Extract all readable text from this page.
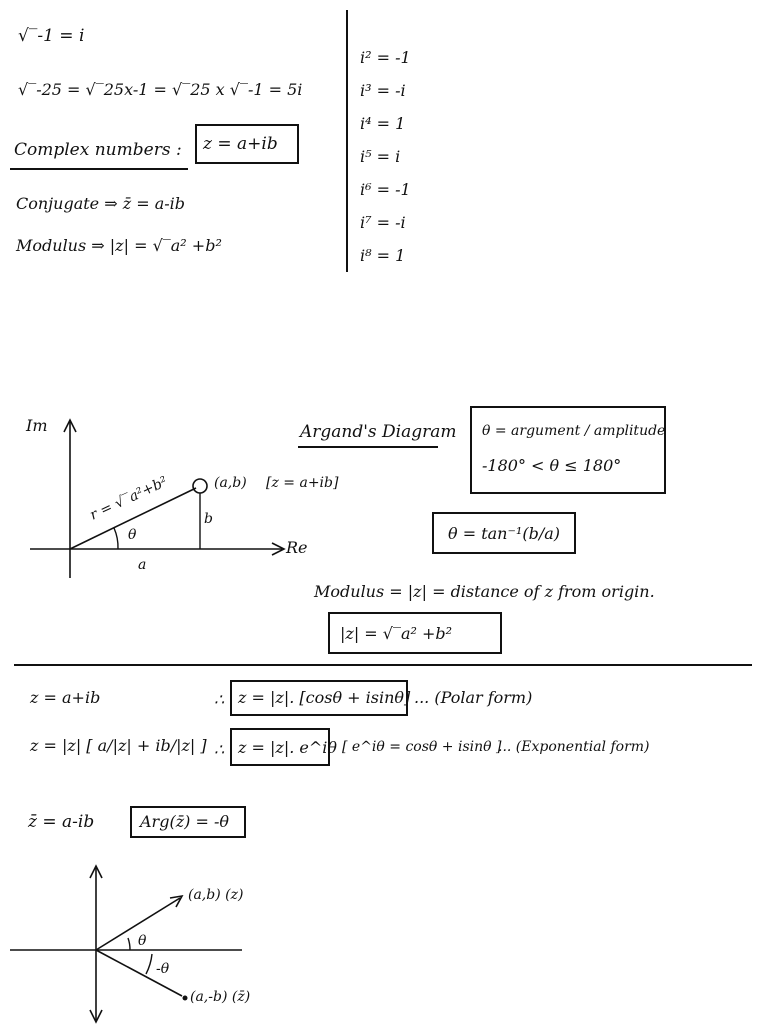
√‾-1 = i
√‾-25 = √‾25x-1 = √‾25 x √‾-1 = 5i
Complex numbers : z = a+ib
Conjugate ⇒ z̄ = a-ib
Modulus ⇒ |z| = √‾a² +b²
i² = -1
i³ = -i
i⁴ = 1
i⁵ = i
i⁶ = -1
i⁷ = -i
i⁸ = 1
Im
Re
(a,b) [z = a+ib]
r = √‾a²+b²
θ
a
b
Argand's Diagram θ = argument / amplitude
-180° < θ ≤ 180°
θ = tan⁻¹(b/a)
Modulus = |z| = distance of z from origin.
|z| = √‾a² +b²
z = a+ib
z = |z| [ a/|z| + ib/|z| ]
∴ z = |z|. [cosθ + isinθ] ... (Polar form)
∴ z = |z|. e^iθ [ e^iθ = cosθ + isinθ ]
... (Exponential form)
z̄ = a-ib	Arg(z̄) = -θ
(a,b) (z)
(a,-b) (z̄)
θ
-θ
